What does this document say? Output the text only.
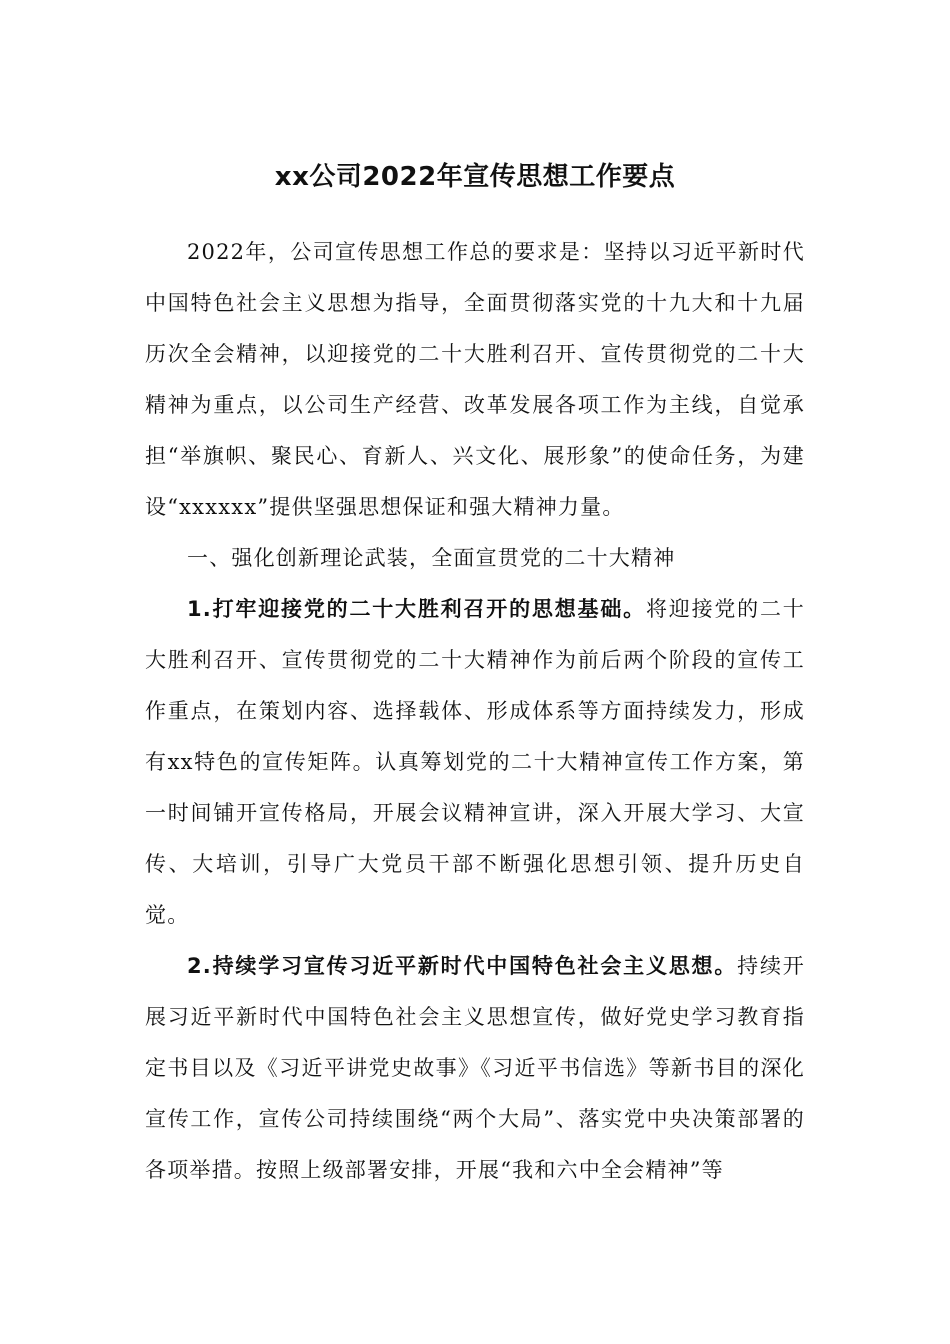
xx公司2022年宣传思想工作要点

2022年，公司宣传思想工作总的要求是：坚持以习近平新时代中国特色社会主义思想为指导，全面贯彻落实党的十九大和十九届历次全会精神，以迎接党的二十大胜利召开、宣传贯彻党的二十大精神为重点，以公司生产经营、改革发展各项工作为主线，自觉承担“举旗帜、聚民心、育新人、兴文化、展形象”的使命任务，为建设“xxxxxx”提供坚强思想保证和强大精神力量。

一、强化创新理论武装，全面宣贯党的二十大精神

1.打牢迎接党的二十大胜利召开的思想基础。将迎接党的二十大胜利召开、宣传贯彻党的二十大精神作为前后两个阶段的宣传工作重点，在策划内容、选择载体、形成体系等方面持续发力，形成有xx特色的宣传矩阵。认真筹划党的二十大精神宣传工作方案，第一时间铺开宣传格局，开展会议精神宣讲，深入开展大学习、大宣传、大培训，引导广大党员干部不断强化思想引领、提升历史自觉。

2.持续学习宣传习近平新时代中国特色社会主义思想。持续开展习近平新时代中国特色社会主义思想宣传，做好党史学习教育指定书目以及《习近平讲党史故事》《习近平书信选》等新书目的深化宣传工作，宣传公司持续围绕“两个大局”、落实党中央决策部署的各项举措。按照上级部署安排，开展“我和六中全会精神”等
